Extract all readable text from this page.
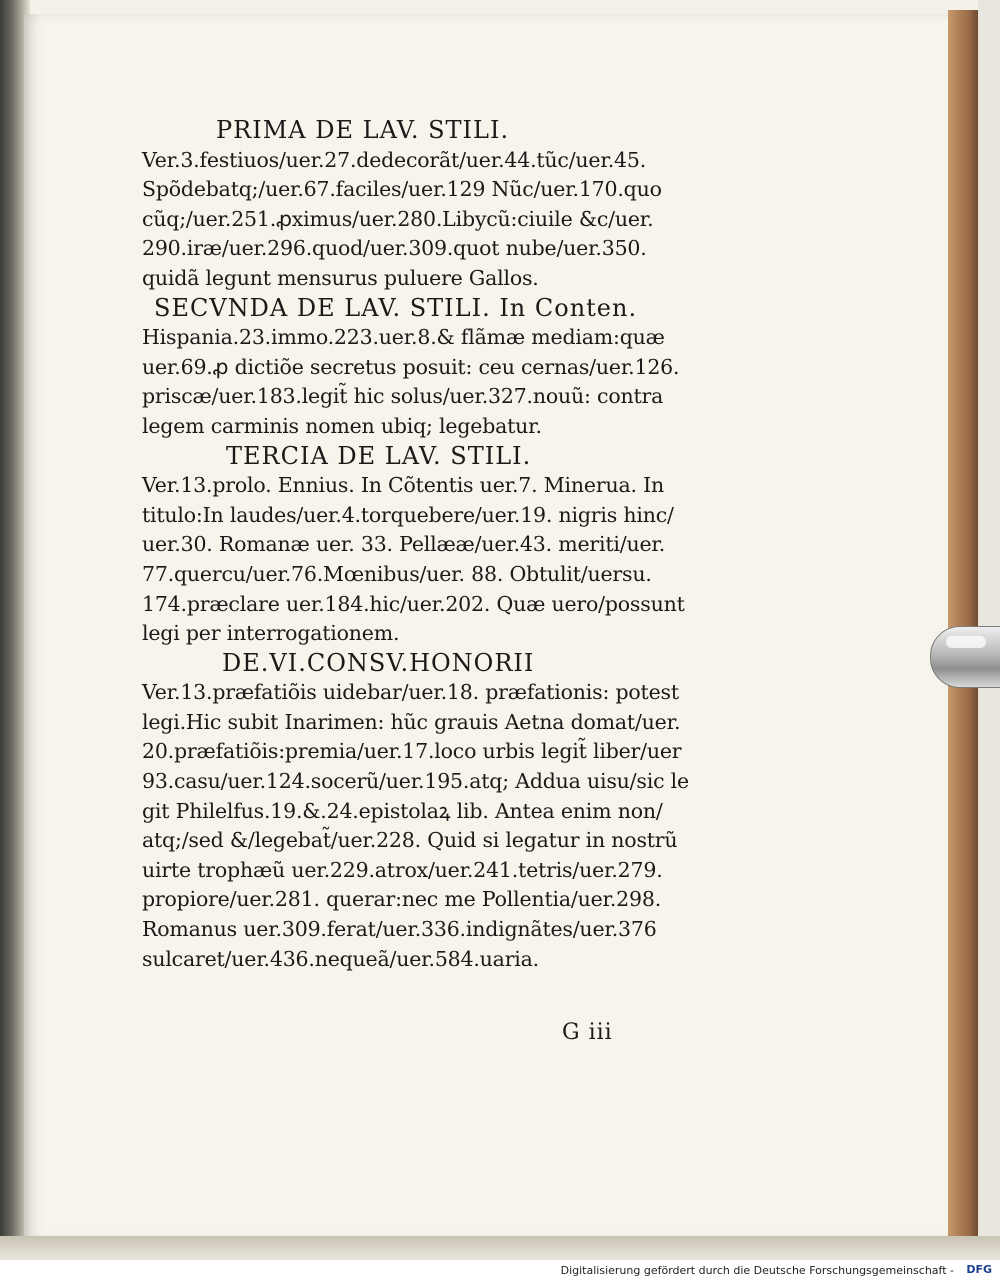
PRIMA DE LAV. STILI.
Ver.3.festiuos/uer.27.dedecorãt/uer.44.tũc/uer.45.
Spõdebatq;/uer.67.faciles/uer.129 Nũc/uer.170.quo
cũq;/uer.251.ꝓximus/uer.280.Libycũ:ciuile &c/uer.
290.iræ/uer.296.quod/uer.309.quot nube/uer.350.
quidã legunt mensurus puluere Gallos.
SECVNDA DE LAV. STILI. In Conten.
Hispania.23.immo.223.uer.8.& flãmæ mediam:quæ
uer.69.ꝓ dictiõe secretus posuit: ceu cernas/uer.126.
priscæ/uer.183.legit̃ hic solus/uer.327.nouũ: contra
legem carminis nomen ubiq; legebatur.
TERCIA DE LAV. STILI.
Ver.13.prolo. Ennius. In Cõtentis uer.7. Minerua. In
titulo:In laudes/uer.4.torquebere/uer.19. nigris hinc/
uer.30. Romanæ uer. 33. Pellææ/uer.43. meriti/uer.
77.quercu/uer.76.Mœnibus/uer. 88. Obtulit/uersu.
174.præclare uer.184.hic/uer.202. Quæ uero/possunt
legi per interrogationem.
DE.VI.CONSV.HONORII
Ver.13.præfatiõis uidebar/uer.18. præfationis: potest
legi.Hic subit Inarimen: hũc grauis Aetna domat/uer.
20.præfatiõis:premia/uer.17.loco urbis legit̃ liber/uer
93.casu/uer.124.socerũ/uer.195.atq; Addua uisu/sic le
git Philelfus.19.&.24.epistolaꝝ lib. Antea enim non/
atq;/sed &/legebat̃/uer.228. Quid si legatur in nostrũ
uirte trophæũ uer.229.atrox/uer.241.tetris/uer.279.
propiore/uer.281. querar:nec me Pollentia/uer.298.
Romanus uer.309.ferat/uer.336.indignãtes/uer.376
sulcaret/uer.436.nequeã/uer.584.uaria.
G iii
Digitalisierung gefördert durch die Deutsche Forschungsgemeinschaft - DFG
